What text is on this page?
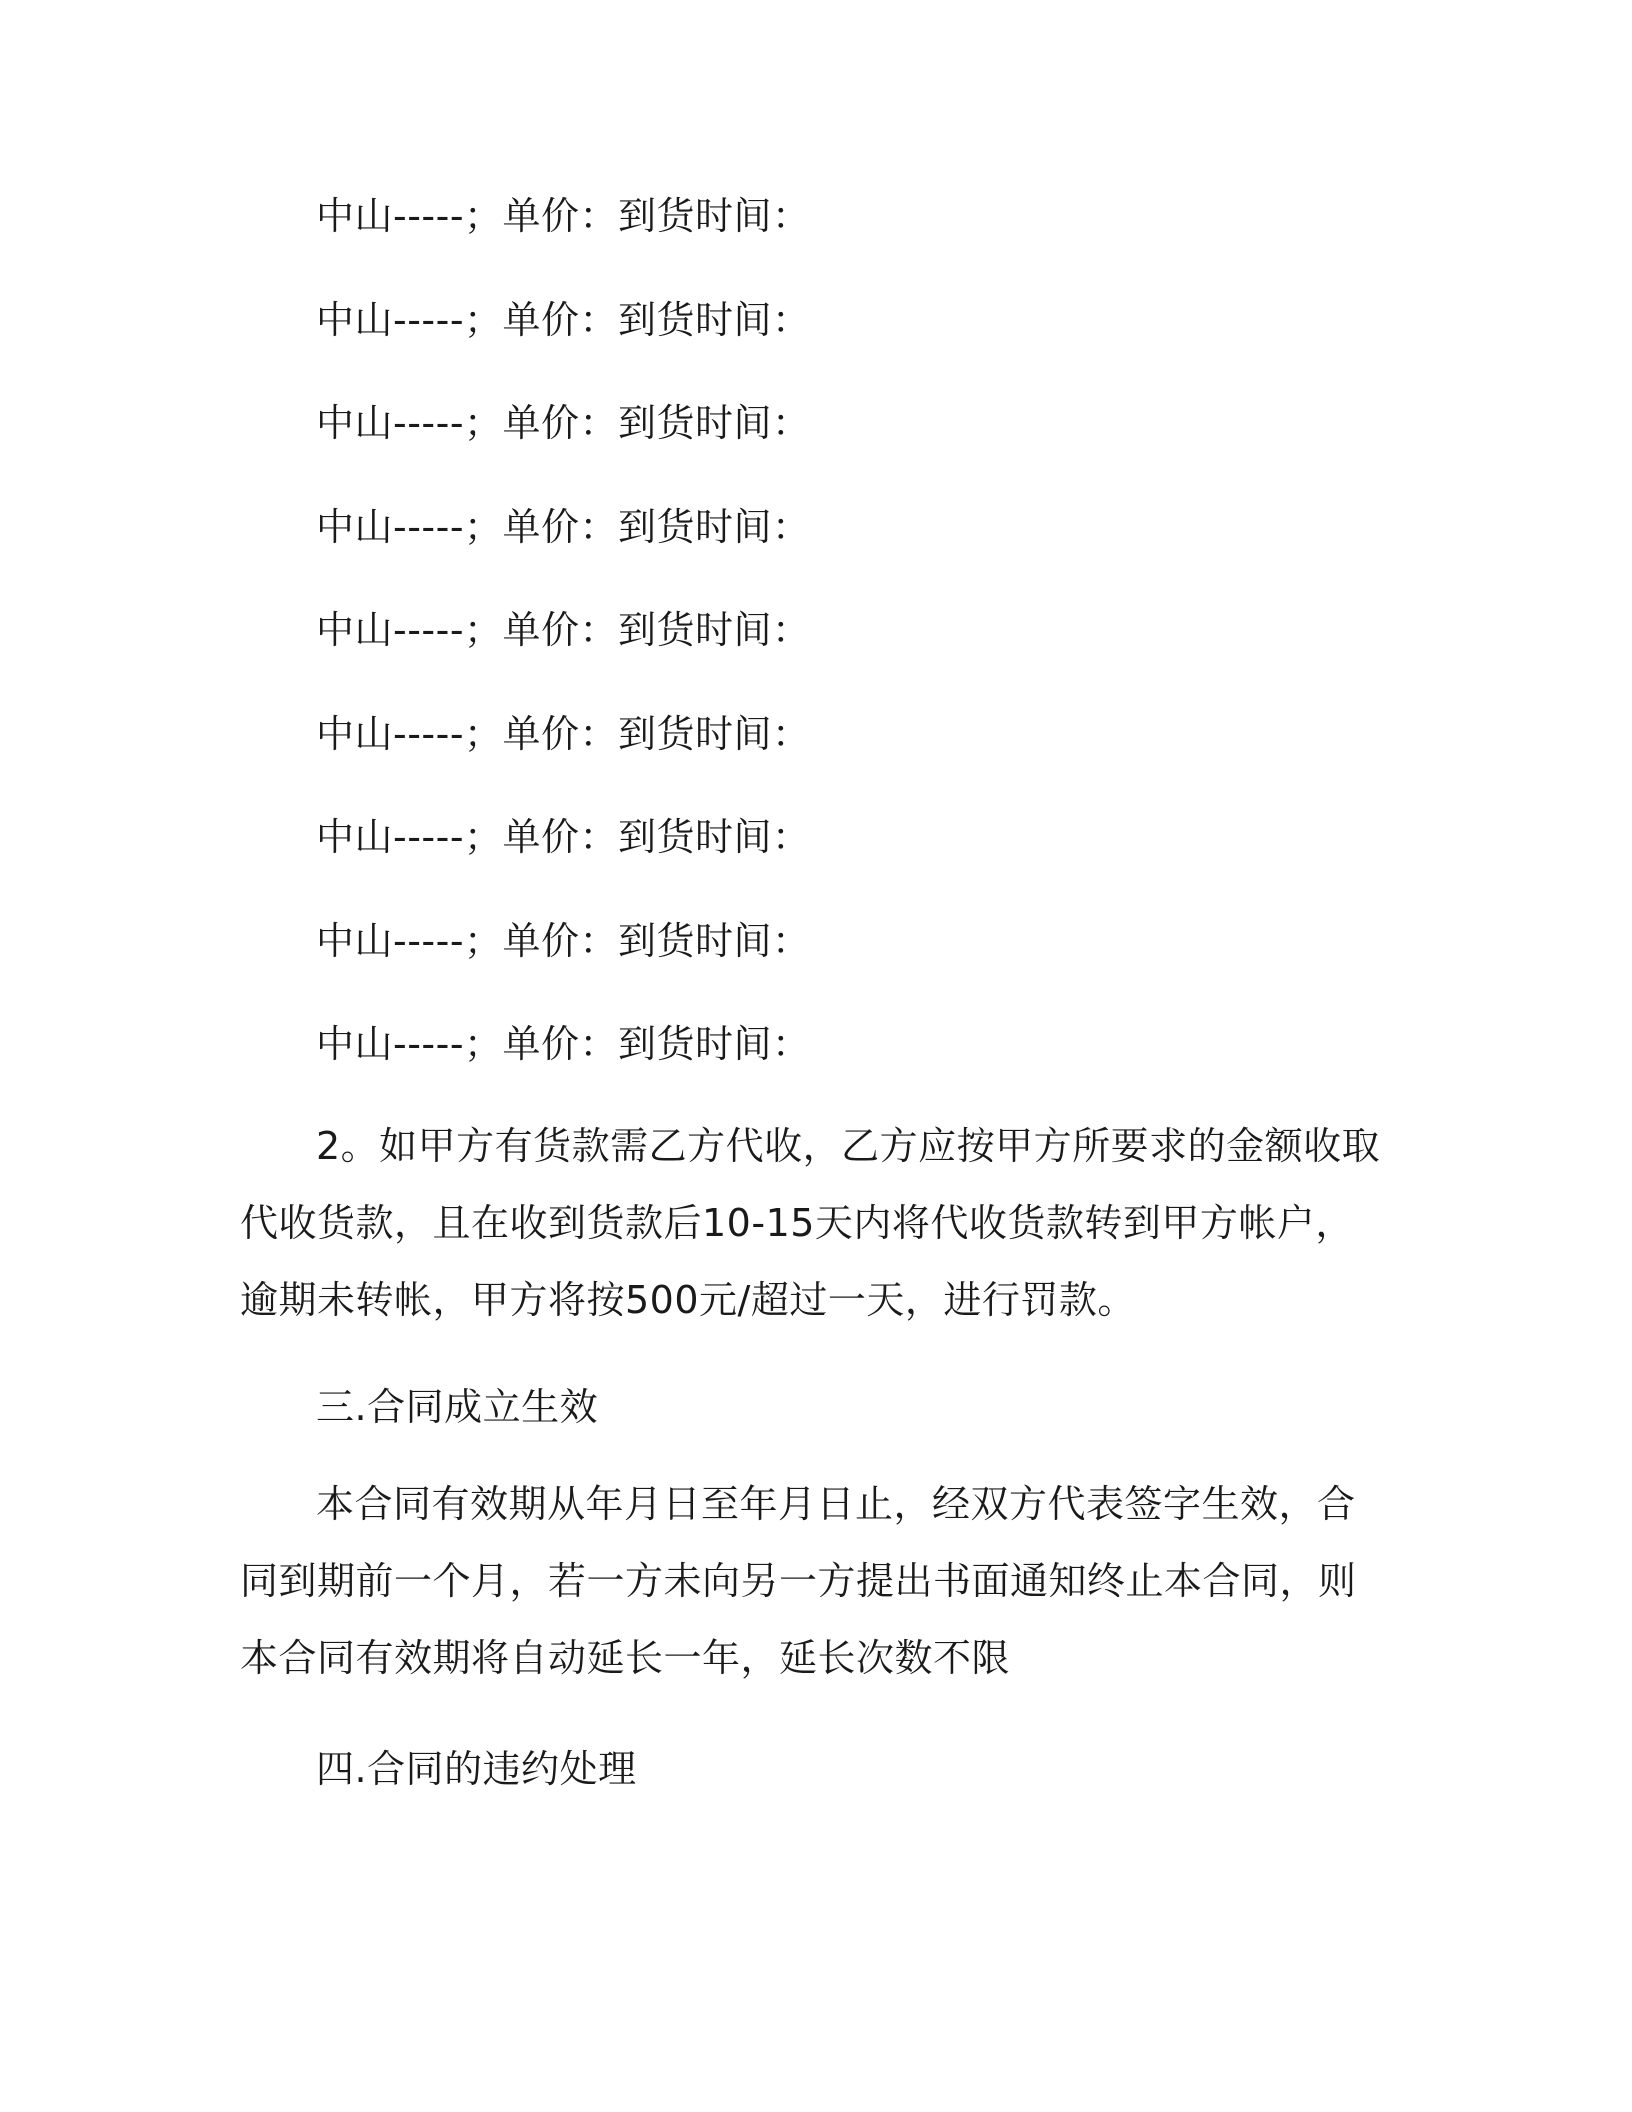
中山-----；单价：到货时间：
中山-----；单价：到货时间：
中山-----；单价：到货时间：
中山-----；单价：到货时间：
中山-----；单价：到货时间：
中山-----；单价：到货时间：
中山-----；单价：到货时间：
中山-----；单价：到货时间：
中山-----；单价：到货时间：

2。如甲方有货款需乙方代收，乙方应按甲方所要求的金额收取代收货款，且在收到货款后10-15天内将代收货款转到甲方帐户，逾期未转帐，甲方将按500元/超过一天，进行罚款。

三.合同成立生效

本合同有效期从年月日至年月日止，经双方代表签字生效，合同到期前一个月，若一方未向另一方提出书面通知终止本合同，则本合同有效期将自动延长一年，延长次数不限

四.合同的违约处理
